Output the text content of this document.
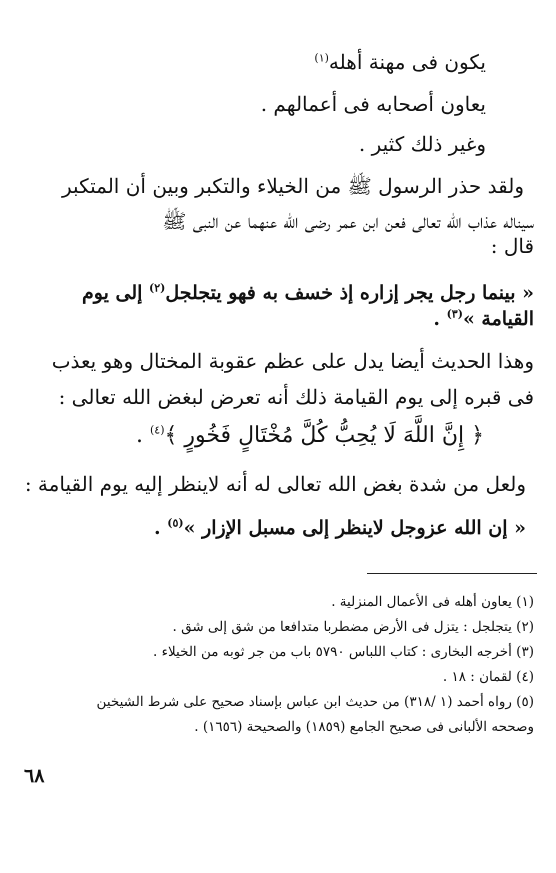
يكون فى مهنة أهله$^{(١)}$
يعاون أصحابه فى أعمالهم .
وغير ذلك كثير .
ولقد حذر الرسول ﷺ من الخيلاء والتكبر وبين أن المتكبر
سيناله عذاب الله تعالى فعن ابن عمر رضى الله عنهما عن النبى ﷺ
قال :
« بينما رجل يجر إزاره إذ خسف به فهو يتجلجل$^{(٢)}$ إلى يوم
القيامة »$^{(٣)}$ .
وهذا الحديث أيضا يدل على عظم عقوبة المختال وهو يعذب
فى قبره إلى يوم القيامة ذلك أنه تعرض لبغض الله تعالى :
﴿ إِنَّ اللَّهَ لَا يُحِبُّ كُلَّ مُخْتَالٍ فَخُورٍ ﴾$^{(٤)}$ .
ولعل من شدة بغض الله تعالى له أنه لاينظر إليه يوم القيامة :
« إن الله عزوجل لاينظر إلى مسبل الإزار »$^{(٥)}$ .
(١) يعاون أهله فى الأعمال المنزلية .
(٢) يتجلجل : يتزل فى الأرض مضطربا متدافعا من شق إلى شق .
(٣) أخرجه البخارى : كتاب اللباس ٥٧٩٠ باب من جر ثوبه من الخيلاء .
(٤) لقمان : ١٨ .
(٥) رواه أحمد (١ /٣١٨) من حديث ابن عباس بإسناد صحيح على شرط الشيخين
وصححه الألبانى فى صحيح الجامع (١٨٥٩) والصحيحة (١٦٥٦) .
٦٨
